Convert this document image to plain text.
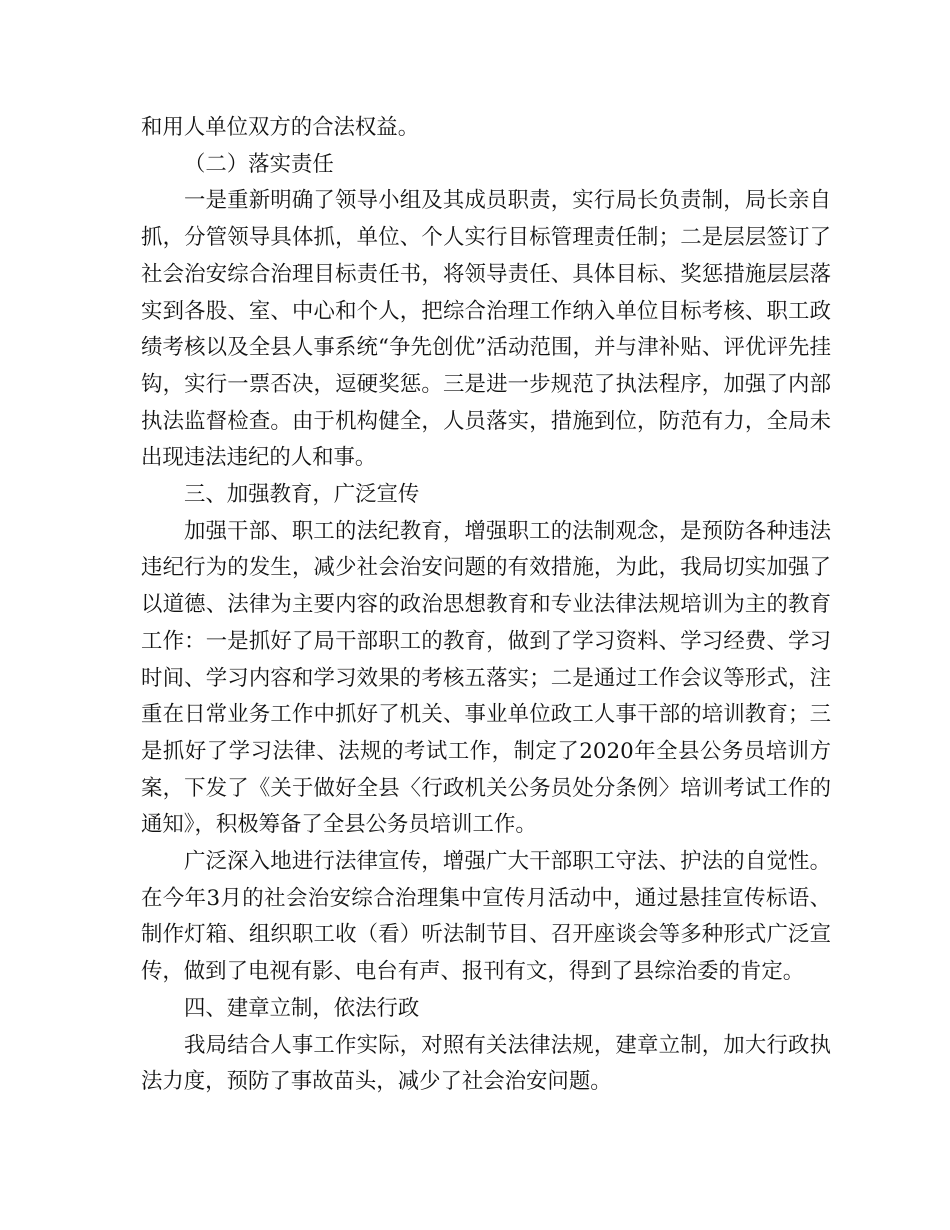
和用人单位双方的合法权益。

（二）落实责任

一是重新明确了领导小组及其成员职责，实行局长负责制，局长亲自抓，分管领导具体抓，单位、个人实行目标管理责任制；二是层层签订了社会治安综合治理目标责任书，将领导责任、具体目标、奖惩措施层层落实到各股、室、中心和个人，把综合治理工作纳入单位目标考核、职工政绩考核以及全县人事系统“争先创优”活动范围，并与津补贴、评优评先挂钩，实行一票否决，逗硬奖惩。三是进一步规范了执法程序，加强了内部执法监督检查。由于机构健全，人员落实，措施到位，防范有力，全局未出现违法违纪的人和事。

三、加强教育，广泛宣传

加强干部、职工的法纪教育，增强职工的法制观念，是预防各种违法违纪行为的发生，减少社会治安问题的有效措施，为此，我局切实加强了以道德、法律为主要内容的政治思想教育和专业法律法规培训为主的教育工作：一是抓好了局干部职工的教育，做到了学习资料、学习经费、学习时间、学习内容和学习效果的考核五落实；二是通过工作会议等形式，注重在日常业务工作中抓好了机关、事业单位政工人事干部的培训教育；三是抓好了学习法律、法规的考试工作，制定了2020年全县公务员培训方案，下发了《关于做好全县〈行政机关公务员处分条例〉培训考试工作的通知》，积极筹备了全县公务员培训工作。

广泛深入地进行法律宣传，增强广大干部职工守法、护法的自觉性。在今年3月的社会治安综合治理集中宣传月活动中，通过悬挂宣传标语、制作灯箱、组织职工收（看）听法制节目、召开座谈会等多种形式广泛宣传，做到了电视有影、电台有声、报刊有文，得到了县综治委的肯定。

四、建章立制，依法行政

我局结合人事工作实际，对照有关法律法规，建章立制，加大行政执法力度，预防了事故苗头，减少了社会治安问题。
